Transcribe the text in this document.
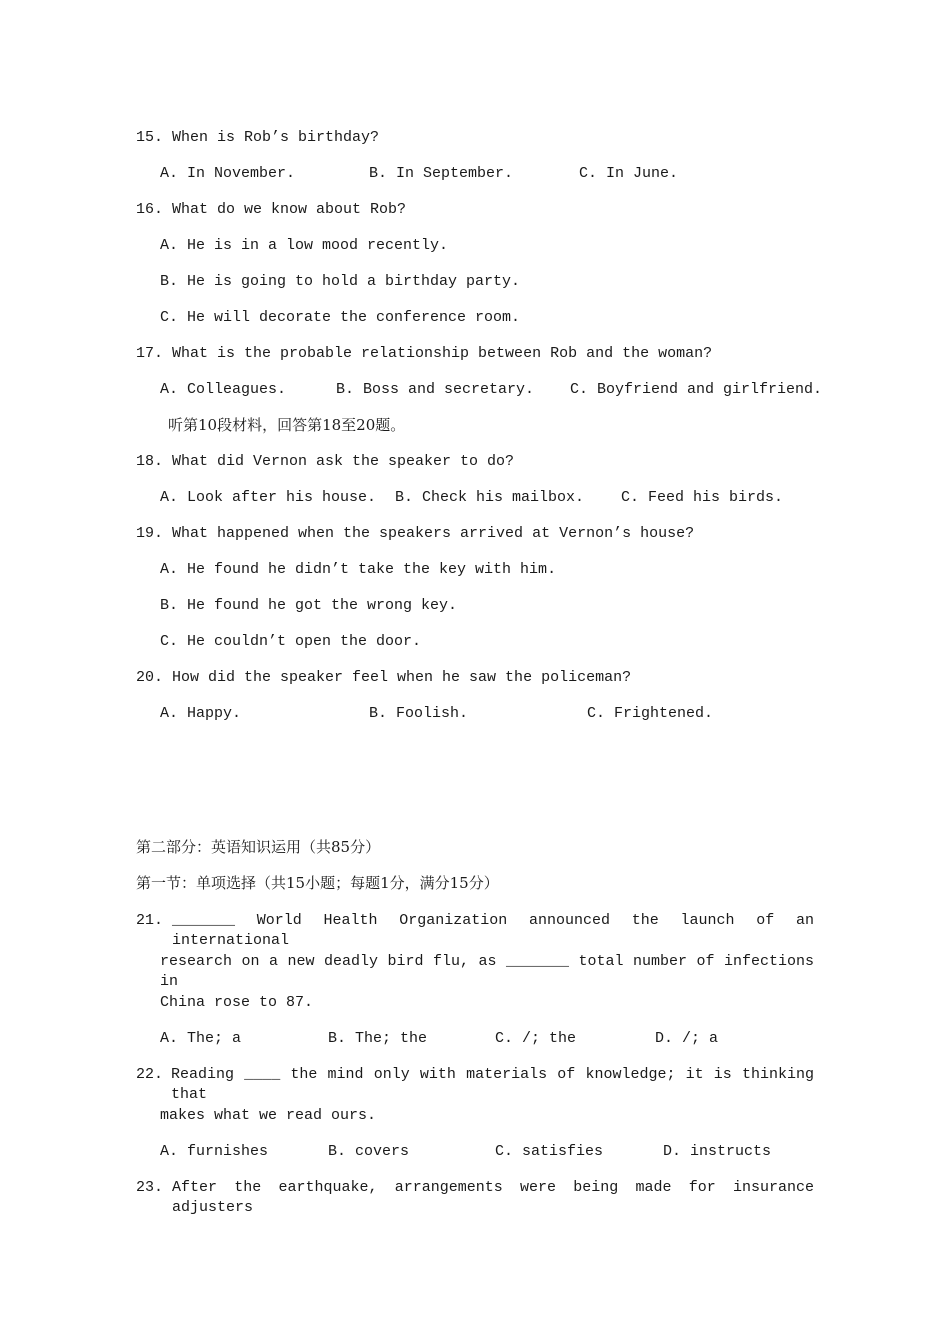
15. When is Rob’s birthday?
A. In November.	B. In September.	C. In June.
16. What do we know about Rob?
A. He is in a low mood recently.
B. He is going to hold a birthday party.
C. He will decorate the conference room.
17. What is the probable relationship between Rob and the woman?
A. Colleagues.	B. Boss and secretary. C. Boyfriend and girlfriend.
听第10段材料，回答第18至20题。
18. What did Vernon ask the speaker to do?
A. Look after his house. B. Check his mailbox. C. Feed his birds.
19. What happened when the speakers arrived at Vernon’s house?
A. He found he didn’t take the key with him.
B. He found he got the wrong key.
C. He couldn’t open the door.
20. How did the speaker feel when he saw the policeman?
A. Happy.	B. Foolish.	C. Frightened.
第二部分：英语知识运用（共85分）
第一节：单项选择（共15小题；每题1分，满分15分）
21. _______ World Health Organization announced the launch of an international
research on a new deadly bird flu, as _______ total number of infections in
China rose to 87.
A. The; a	B. The; the	C. /; the	D. /; a
22. Reading ____ the mind only with materials of knowledge; it is thinking that
makes what we read ours.
A. furnishes	B. covers	C. satisfies	D. instructs
23. After the earthquake, arrangements were being made for insurance adjusters
